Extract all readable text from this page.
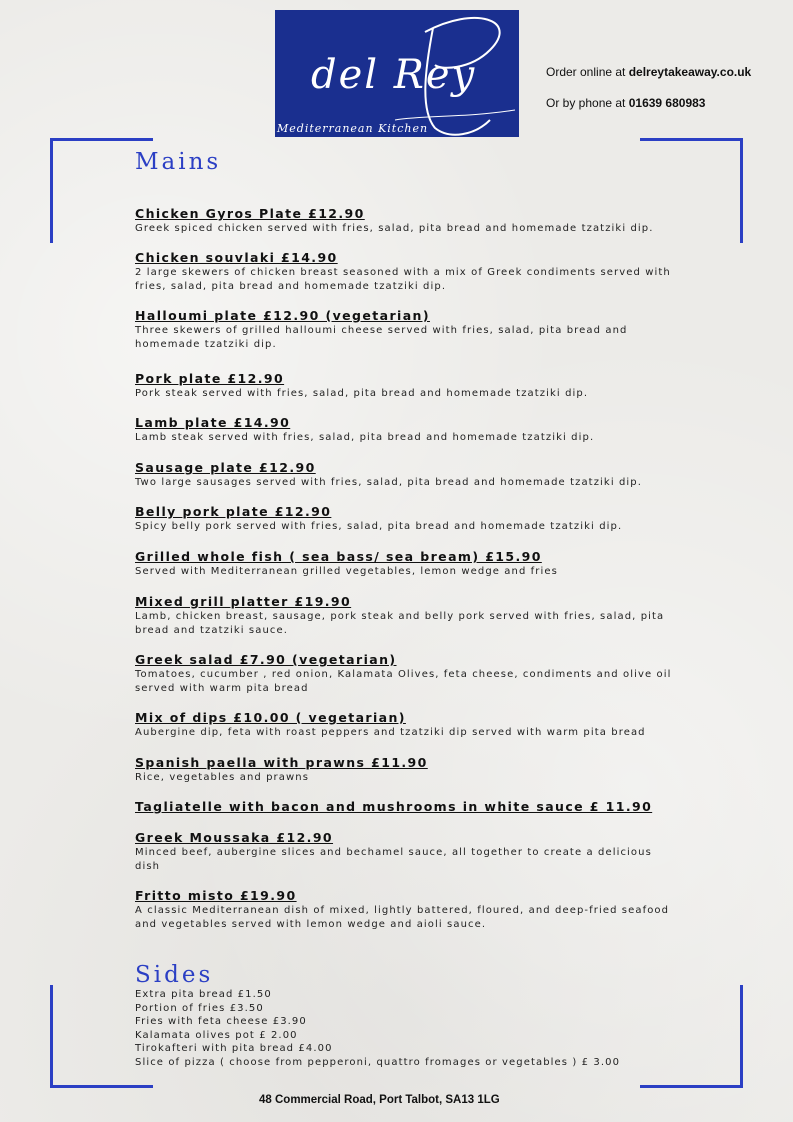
del Rey
Mediterranean Kitchen
Order online at delreytakeaway.co.uk
Or by phone at 01639 680983
Mains
Chicken Gyros Plate £12.90
Greek spiced chicken served with fries, salad, pita bread and homemade tzatziki dip.
Chicken souvlaki £14.90
2 large skewers of chicken breast seasoned with a mix of Greek condiments served with fries, salad, pita bread and homemade tzatziki dip.
Halloumi plate £12.90 (vegetarian)
Three skewers of grilled halloumi cheese served with fries, salad, pita bread and homemade tzatziki dip.
Pork plate £12.90
Pork steak served with fries, salad, pita bread and homemade tzatziki dip.
Lamb plate £14.90
Lamb steak served with fries, salad, pita bread and homemade tzatziki dip.
Sausage plate £12.90
Two large sausages served with fries, salad, pita bread and homemade tzatziki dip.
Belly pork plate £12.90
Spicy belly pork served with fries, salad, pita bread and homemade tzatziki dip.
Grilled whole fish ( sea bass/ sea bream) £15.90
Served with Mediterranean grilled vegetables, lemon wedge and fries
Mixed grill platter £19.90
Lamb, chicken breast, sausage, pork steak and belly pork served with fries, salad, pita bread and tzatziki sauce.
Greek salad £7.90 (vegetarian)
Tomatoes, cucumber , red onion, Kalamata Olives, feta cheese, condiments and olive oil served with warm pita bread
Mix of dips £10.00 ( vegetarian)
Aubergine dip, feta with roast peppers and tzatziki dip served with warm pita bread
Spanish paella with prawns £11.90
Rice, vegetables and prawns
Tagliatelle with bacon and mushrooms in white sauce £ 11.90
Greek Moussaka £12.90
Minced beef, aubergine slices and bechamel sauce, all together to create a delicious dish
Fritto misto £19.90
A classic Mediterranean dish of mixed, lightly battered, floured, and deep-fried seafood and vegetables served with lemon wedge and aioli sauce.
Sides
Extra pita bread £1.50
Portion of fries £3.50
Fries with feta cheese £3.90
Kalamata olives pot £ 2.00
Tirokafteri with pita bread £4.00
Slice of pizza ( choose from pepperoni, quattro fromages or vegetables ) £ 3.00
48 Commercial Road, Port Talbot, SA13 1LG
